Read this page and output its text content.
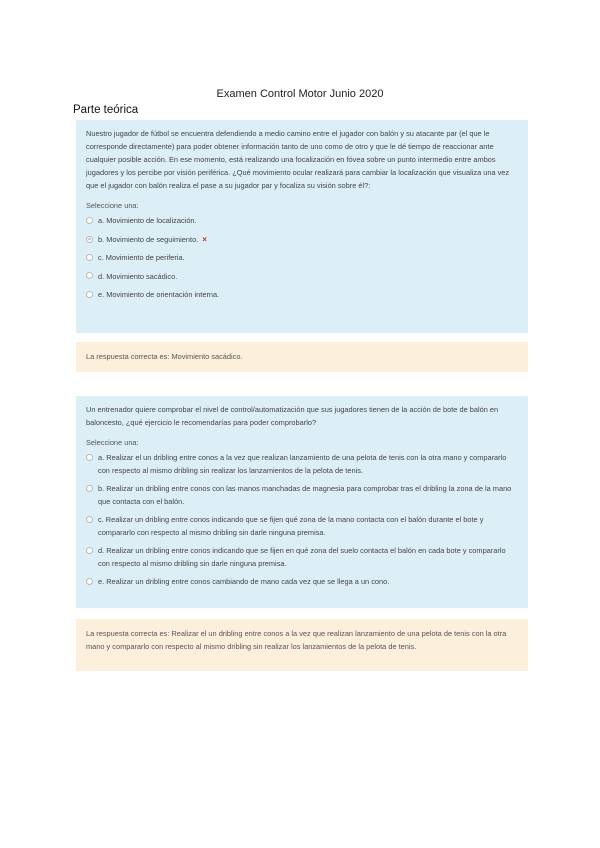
Examen Control Motor Junio 2020
Parte teórica
Nuestro jugador de fútbol se encuentra defendiendo a medio camino entre el jugador con balón y su atacante par (el que le corresponde directamente) para poder obtener información tanto de uno como de otro y que le dé tiempo de reaccionar ante cualquier posible acción. En ese momento, está realizando una focalización en fóvea sobre un punto intermedio entre ambos jugadores y los percibe por visión periférica. ¿Qué movimiento ocular realizará para cambiar la localización que visualiza una vez que el jugador con balón realiza el pase a su jugador par y focaliza su visión sobre él?:
Seleccione una:
a. Movimiento de localización.
b. Movimiento de seguimiento. ×
c. Movimiento de periferia.
d. Movimiento sacádico.
e. Movimiento de orientación interna.
La respuesta correcta es: Movimiento sacádico.
Un entrenador quiere comprobar el nivel de control/automatización que sus jugadores tienen de la acción de bote de balón en baloncesto, ¿qué ejercicio le recomendarías para poder comprobarlo?
Seleccione una:
a. Realizar el un dribling entre conos a la vez que realizan lanzamiento de una pelota de tenis con la otra mano y compararlo con respecto al mismo dribling sin realizar los lanzamientos de la pelota de tenis.
b. Realizar un dribling entre conos con las manos manchadas de magnesia para comprobar tras el dribling la zona de la mano que contacta con el balón.
c. Realizar un dribling entre conos indicando que se fijen qué zona de la mano contacta con el balón durante el bote y compararlo con respecto al mismo dribling sin darle ninguna premisa.
d. Realizar un dribling entre conos indicando que se fijen en qué zona del suelo contacta el balón en cada bote y compararlo con respecto al mismo dribling sin darle ninguna premisa.
e. Realizar un dribling entre conos cambiando de mano cada vez que se llega a un cono.
La respuesta correcta es: Realizar el un dribling entre conos a la vez que realizan lanzamiento de una pelota de tenis con la otra mano y compararlo con respecto al mismo dribling sin realizar los lanzamientos de la pelota de tenis.
